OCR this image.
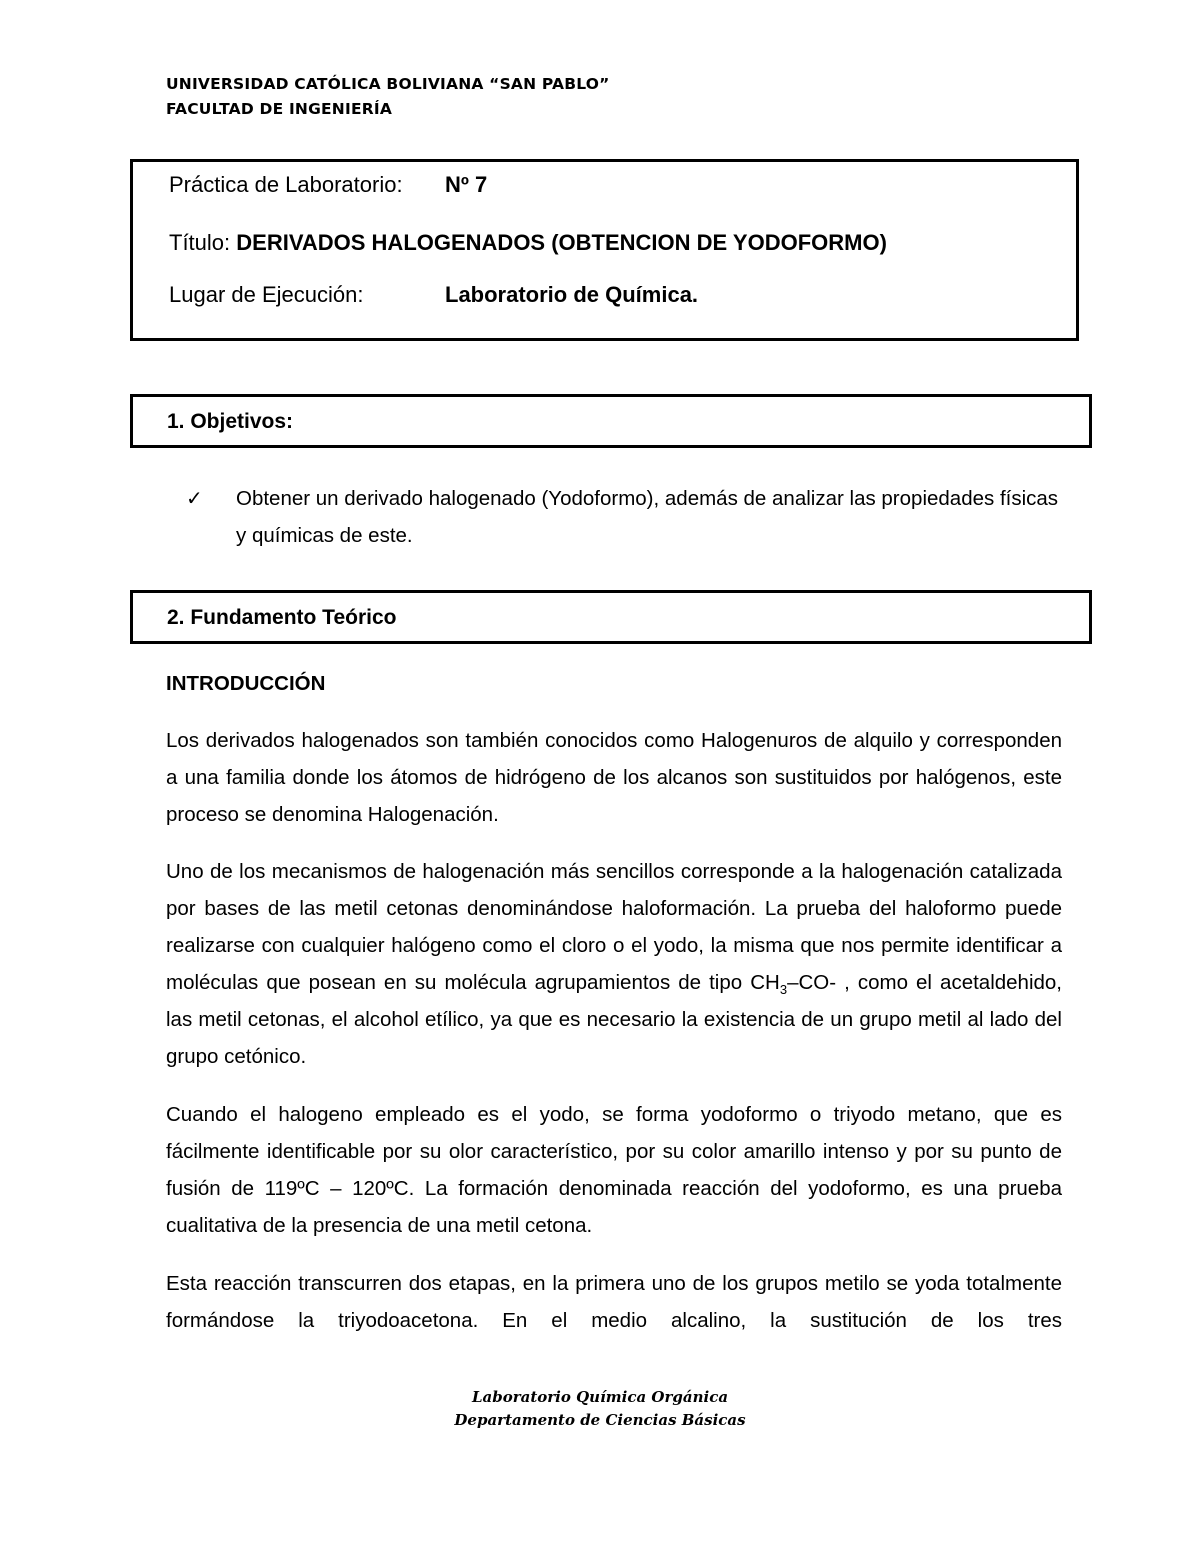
UNIVERSIDAD CATÓLICA BOLIVIANA “SAN PABLO”
FACULTAD DE INGENIERÍA
Práctica de Laboratorio: Nº 7
Título: DERIVADOS HALOGENADOS (OBTENCION DE YODOFORMO)
Lugar de Ejecución:	Laboratorio de Química.
1. Objetivos:
✓ Obtener un derivado halogenado (Yodoformo), además de analizar las propiedades físicas y químicas de este.
2. Fundamento Teórico
INTRODUCCIÓN
Los derivados halogenados son también conocidos como Halogenuros de alquilo y corresponden a una familia donde los átomos de hidrógeno de los alcanos son sustituidos por halógenos, este proceso se denomina Halogenación.
Uno de los mecanismos de halogenación más sencillos corresponde a la halogenación catalizada por bases de las metil cetonas denominándose haloformación. La prueba del haloformo puede realizarse con cualquier halógeno como el cloro o el yodo, la misma que nos permite identificar a moléculas que posean en su molécula agrupamientos de tipo $CH_3-CO-$ , como el acetaldehido, las metil cetonas, el alcohol etílico, ya que es necesario la existencia de un grupo metil al lado del grupo cetónico.
Cuando el halogeno empleado es el yodo, se forma yodoformo o triyodo metano, que es fácilmente identificable por su olor característico, por su color amarillo intenso y por su punto de fusión de 119ºC – 120ºC. La formación denominada reacción del yodoformo, es una prueba cualitativa de la presencia de una metil cetona.
Esta reacción transcurren dos etapas, en la primera uno de los grupos metilo se yoda totalmente formándose la triyodoacetona. En el medio alcalino, la sustitución de los tres
Laboratorio Química Orgánica
Departamento de Ciencias Básicas
